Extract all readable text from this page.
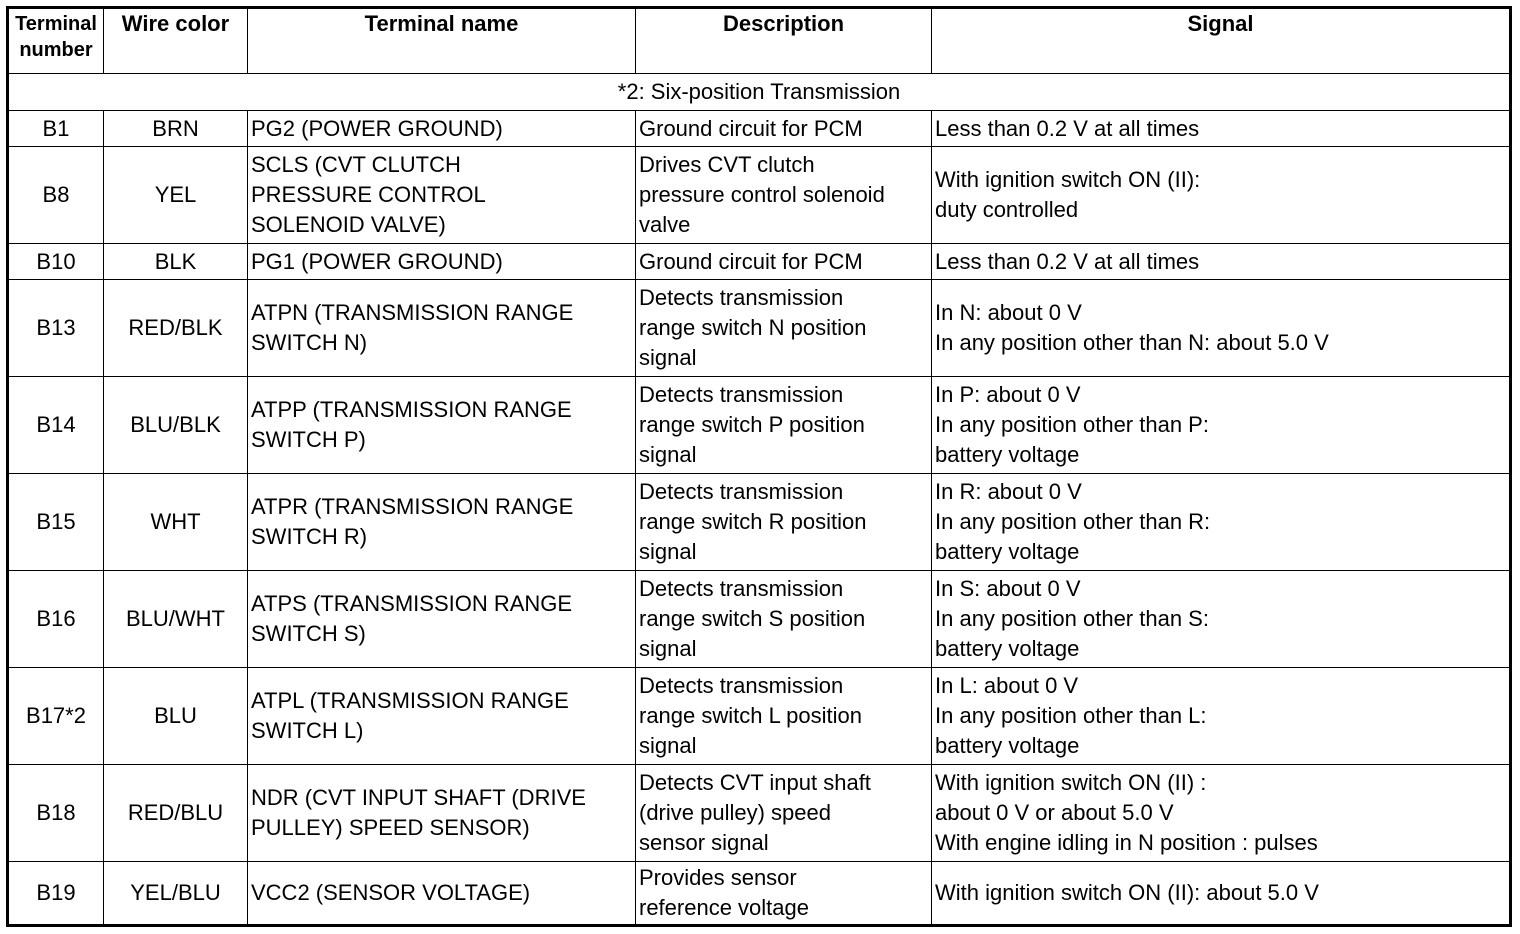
Terminal
number	Wire color	Terminal name	Description	Signal
*2: Six-position Transmission				
B1	BRN	PG2 (POWER GROUND)	Ground circuit for PCM	Less than 0.2 V at all times
B8	YEL	SCLS (CVT CLUTCH
PRESSURE CONTROL
SOLENOID VALVE)	Drives CVT clutch
pressure control solenoid
valve	With ignition switch ON (II):
duty controlled
B10	BLK	PG1 (POWER GROUND)	Ground circuit for PCM	Less than 0.2 V at all times
B13	RED/BLK	ATPN (TRANSMISSION RANGE
SWITCH N)	Detects transmission
range switch N position
signal	In N: about 0 V
In any position other than N: about 5.0 V

B14	BLU/BLK	ATPP (TRANSMISSION RANGE
SWITCH P)	Detects transmission
range switch P position
signal	In P: about 0 V
In any position other than P:
battery voltage
B15	WHT	ATPR (TRANSMISSION RANGE
SWITCH R)	Detects transmission
range switch R position
signal	In R: about 0 V
In any position other than R:
battery voltage
B16	BLU/WHT	ATPS (TRANSMISSION RANGE
SWITCH S)	Detects transmission
range switch S position
signal	In S: about 0 V
In any position other than S:
battery voltage
B17*2	BLU	ATPL (TRANSMISSION RANGE
SWITCH L)	Detects transmission
range switch L position
signal	In L: about 0 V
In any position other than L:
battery voltage
B18	RED/BLU	NDR (CVT INPUT SHAFT (DRIVE
PULLEY) SPEED SENSOR)	Detects CVT input shaft
(drive pulley) speed
sensor signal	With ignition switch ON (II) :
about 0 V or about 5.0 V
With engine idling in N position : pulses
B19	YEL/BLU	VCC2 (SENSOR VOLTAGE)	Provides sensor
reference voltage	With ignition switch ON (II): about 5.0 V
